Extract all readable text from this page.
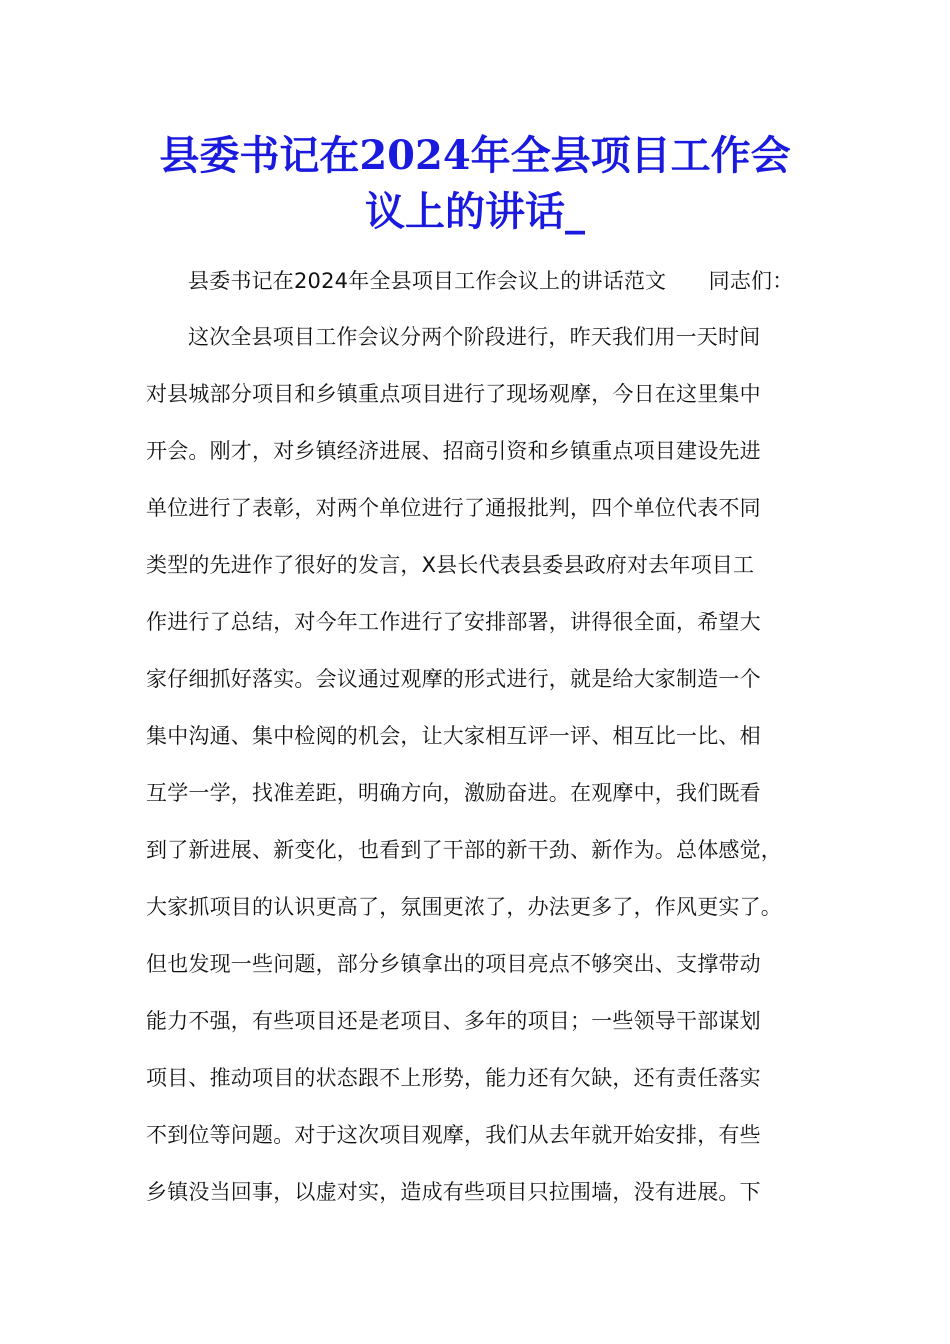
县委书记在2024年全县项目工作会
议上的讲话_
县委书记在2024年全县项目工作会议上的讲话范文　　同志们：
这次全县项目工作会议分两个阶段进行，昨天我们用一天时间
对县城部分项目和乡镇重点项目进行了现场观摩，今日在这里集中
开会。刚才，对乡镇经济进展、招商引资和乡镇重点项目建设先进
单位进行了表彰，对两个单位进行了通报批判，四个单位代表不同
类型的先进作了很好的发言，X县长代表县委县政府对去年项目工
作进行了总结，对今年工作进行了安排部署，讲得很全面，希望大
家仔细抓好落实。会议通过观摩的形式进行，就是给大家制造一个
集中沟通、集中检阅的机会，让大家相互评一评、相互比一比、相
互学一学，找准差距，明确方向，激励奋进。在观摩中，我们既看
到了新进展、新变化，也看到了干部的新干劲、新作为。总体感觉，
大家抓项目的认识更高了，氛围更浓了，办法更多了，作风更实了。
但也发现一些问题，部分乡镇拿出的项目亮点不够突出、支撑带动
能力不强，有些项目还是老项目、多年的项目；一些领导干部谋划
项目、推动项目的状态跟不上形势，能力还有欠缺，还有责任落实
不到位等问题。对于这次项目观摩，我们从去年就开始安排，有些
乡镇没当回事，以虚对实，造成有些项目只拉围墙，没有进展。下
